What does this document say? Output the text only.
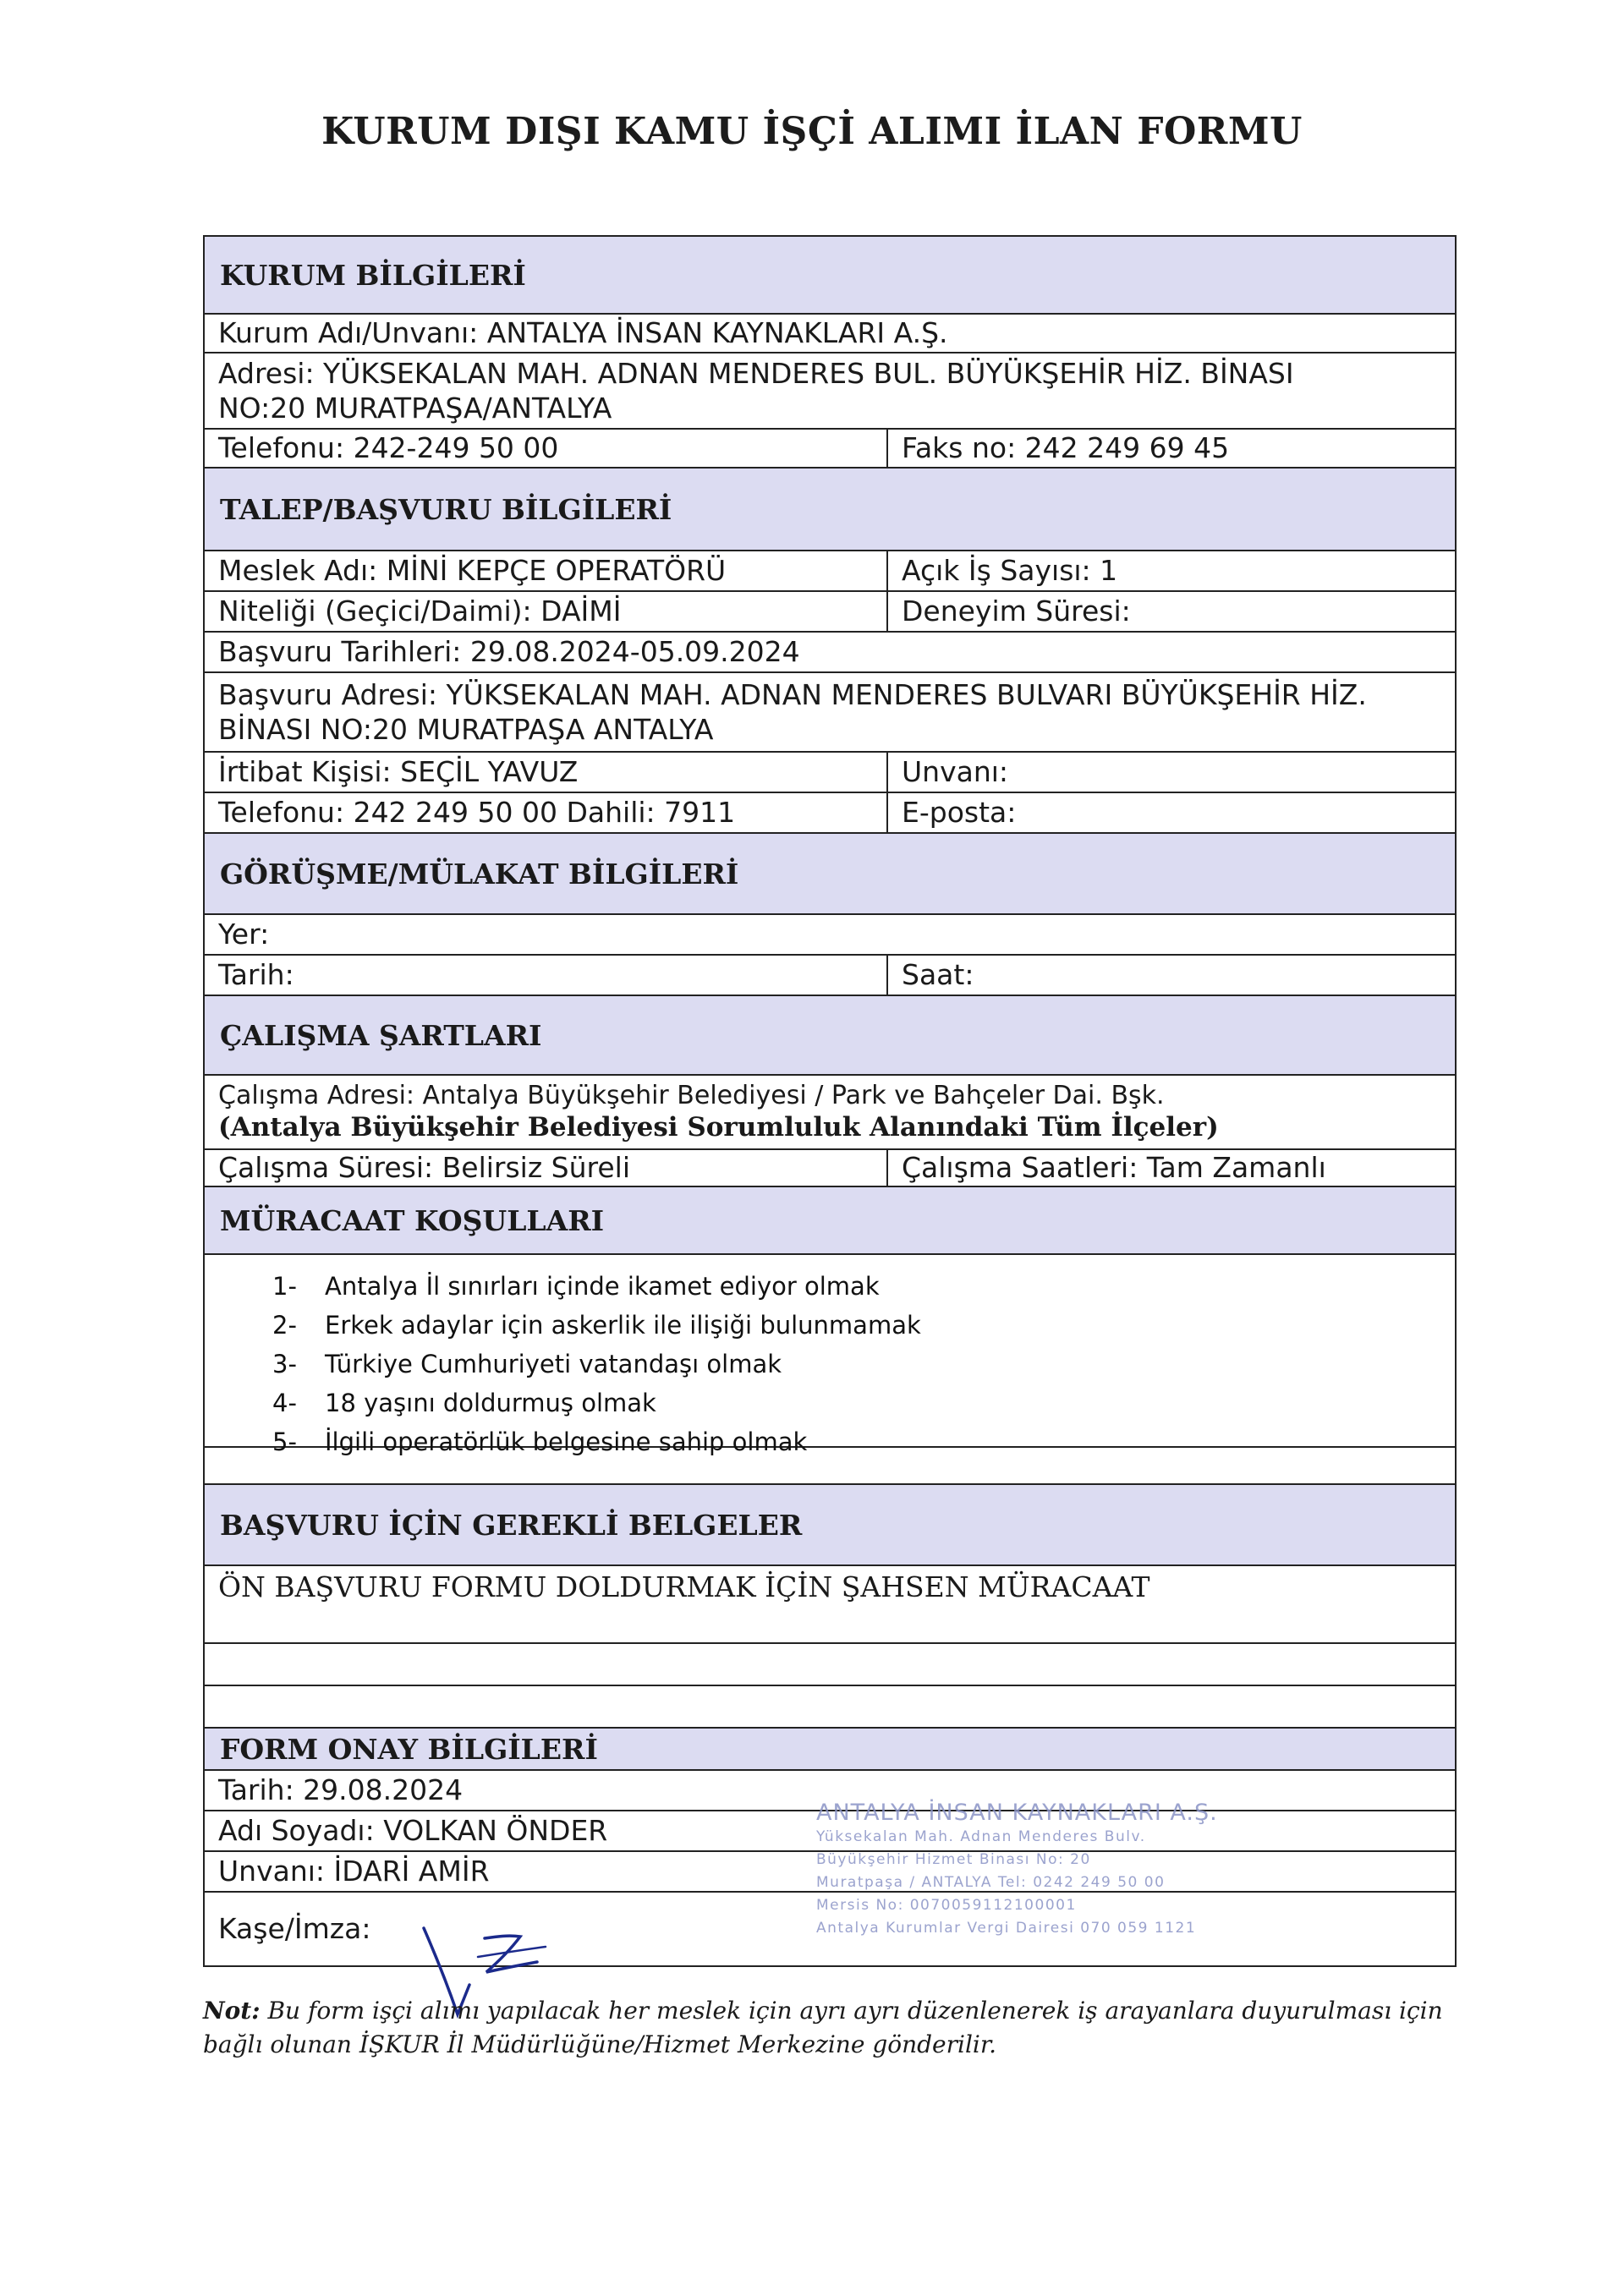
KURUM DIŞI KAMU İŞÇİ ALIMI İLAN FORMU
KURUM BİLGİLERİ
Kurum Adı/Unvanı: ANTALYA İNSAN KAYNAKLARI A.Ş.
Adresi: YÜKSEKALAN MAH. ADNAN MENDERES BUL. BÜYÜKŞEHİR HİZ. BİNASI
NO:20 MURATPAŞA/ANTALYA
Telefonu: 242-249 50 00	Faks no: 242 249 69 45
TALEP/BAŞVURU BİLGİLERİ
Meslek Adı: MİNİ KEPÇE OPERATÖRÜ	Açık İş Sayısı: 1
Niteliği (Geçici/Daimi): DAİMİ	Deneyim Süresi:
Başvuru Tarihleri: 29.08.2024-05.09.2024
Başvuru Adresi: YÜKSEKALAN MAH. ADNAN MENDERES BULVARI BÜYÜKŞEHİR HİZ.
BİNASI NO:20 MURATPAŞA ANTALYA
İrtibat Kişisi: SEÇİL YAVUZ	Unvanı:
Telefonu: 242 249 50 00 Dahili: 7911	E-posta:
GÖRÜŞME/MÜLAKAT BİLGİLERİ
Yer:
Tarih:	Saat:
ÇALIŞMA ŞARTLARI
Çalışma Adresi: Antalya Büyükşehir Belediyesi / Park ve Bahçeler Dai. Bşk.
(Antalya Büyükşehir Belediyesi Sorumluluk Alanındaki Tüm İlçeler)
Çalışma Süresi: Belirsiz Süreli	Çalışma Saatleri: Tam Zamanlı
MÜRACAAT KOŞULLARI
1-	Antalya İl sınırları içinde ikamet ediyor olmak
2-	Erkek adaylar için askerlik ile ilişiği bulunmamak
3-	Türkiye Cumhuriyeti vatandaşı olmak
4-	18 yaşını doldurmuş olmak
5-	İlgili operatörlük belgesine sahip olmak
BAŞVURU İÇİN GEREKLİ BELGELER
ÖN BAŞVURU FORMU DOLDURMAK İÇİN ŞAHSEN MÜRACAAT
FORM ONAY BİLGİLERİ
Tarih: 29.08.2024
Adı Soyadı: VOLKAN ÖNDER
Unvanı: İDARİ AMİR
Kaşe/İmza:
ANTALYA İNSAN KAYNAKLARI A.Ş.
Yüksekalan Mah. Adnan Menderes Bulv.
Büyükşehir Hizmet Binası No: 20
Muratpaşa / ANTALYA Tel: 0242 249 50 00
Mersis No: 0070059112100001
Antalya Kurumlar Vergi Dairesi 070 059 1121
Not: Bu form işçi alımı yapılacak her meslek için ayrı ayrı düzenlenerek iş arayanlara duyurulması için bağlı olunan İŞKUR İl Müdürlüğüne/Hizmet Merkezine gönderilir.
